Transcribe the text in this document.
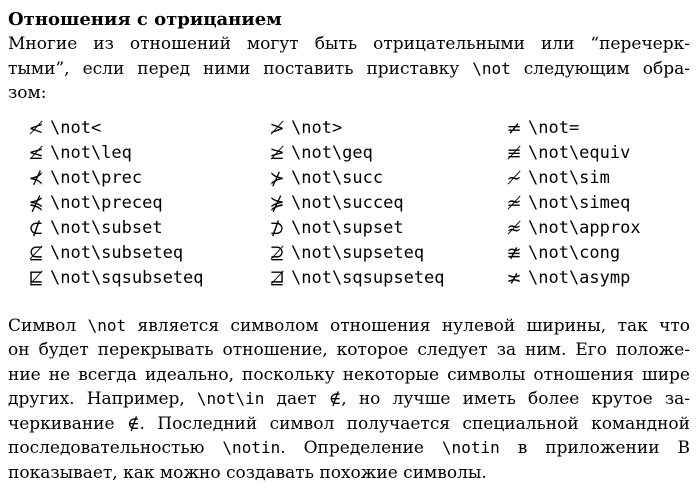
Отношения с отрицанием
Многие из отношений могут быть отрицательными или “перечерк-
тыми”, если перед ними поставить приставку \not следующим обра-
зом:
≮ \not<
≰ \not\leq
⊀ \not\prec
⋠ \not\preceq
⊄ \not\subset
⊈ \not\subseteq
⋢ \not\sqsubseteq
≯ \not>
≱ \not\geq
⊁ \not\succ
⋡ \not\succeq
⊅ \not\supset
⊉ \not\supseteq
⋣ \not\sqsupseteq
≠ \not=
≢ \not\equiv
≁ \not\sim
≄ \not\simeq
≉ \not\approx
≇ \not\cong
≭ \not\asymp
Символ \not является символом отношения нулевой ширины, так что
он будет перекрывать отношение, которое следует за ним. Его положе-
ние не всегда идеально, поскольку некоторые символы отношения шире
других. Например, \not\in дает ∉, но лучше иметь более крутое за-
черкивание ∉. Последний символ получается специальной командной
последовательностью \notin. Определение \notin в приложении B
показывает, как можно создавать похожие символы.
